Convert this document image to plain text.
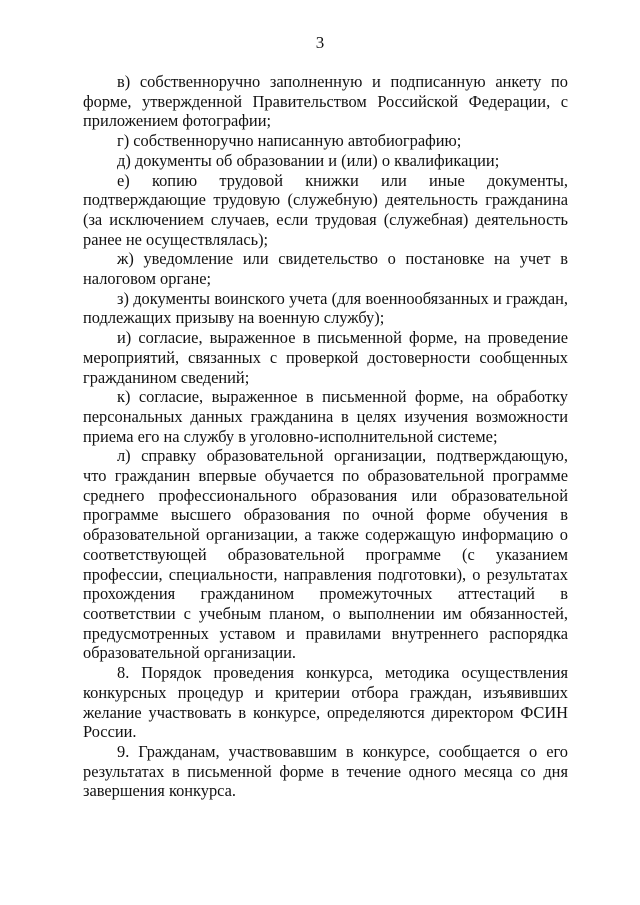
3

в) собственноручно заполненную и подписанную анкету по форме, утвержденной Правительством Российской Федерации, с приложением фотографии;

г) собственноручно написанную автобиографию;

д) документы об образовании и (или) о квалификации;

е) копию трудовой книжки или иные документы, подтверждающие трудовую (служебную) деятельность гражданина (за исключением случаев, если трудовая (служебная) деятельность ранее не осуществлялась);

ж) уведомление или свидетельство о постановке на учет в налоговом органе;

з) документы воинского учета (для военнообязанных и граждан, подлежащих призыву на военную службу);

и) согласие, выраженное в письменной форме, на проведение мероприятий, связанных с проверкой достоверности сообщенных гражданином сведений;

к) согласие, выраженное в письменной форме, на обработку персональных данных гражданина в целях изучения возможности приема его на службу в уголовно-исполнительной системе;

л) справку образовательной организации, подтверждающую, что гражданин впервые обучается по образовательной программе среднего профессионального образования или образовательной программе высшего образования по очной форме обучения в образовательной организации, а также содержащую информацию о соответствующей образовательной программе (с указанием профессии, специальности, направления подготовки), о результатах прохождения гражданином промежуточных аттестаций в соответствии с учебным планом, о выполнении им обязанностей, предусмотренных уставом и правилами внутреннего распорядка образовательной организации.

8. Порядок проведения конкурса, методика осуществления конкурсных процедур и критерии отбора граждан, изъявивших желание участвовать в конкурсе, определяются директором ФСИН России.

9. Гражданам, участвовавшим в конкурсе, сообщается о его результатах в письменной форме в течение одного месяца со дня завершения конкурса.
